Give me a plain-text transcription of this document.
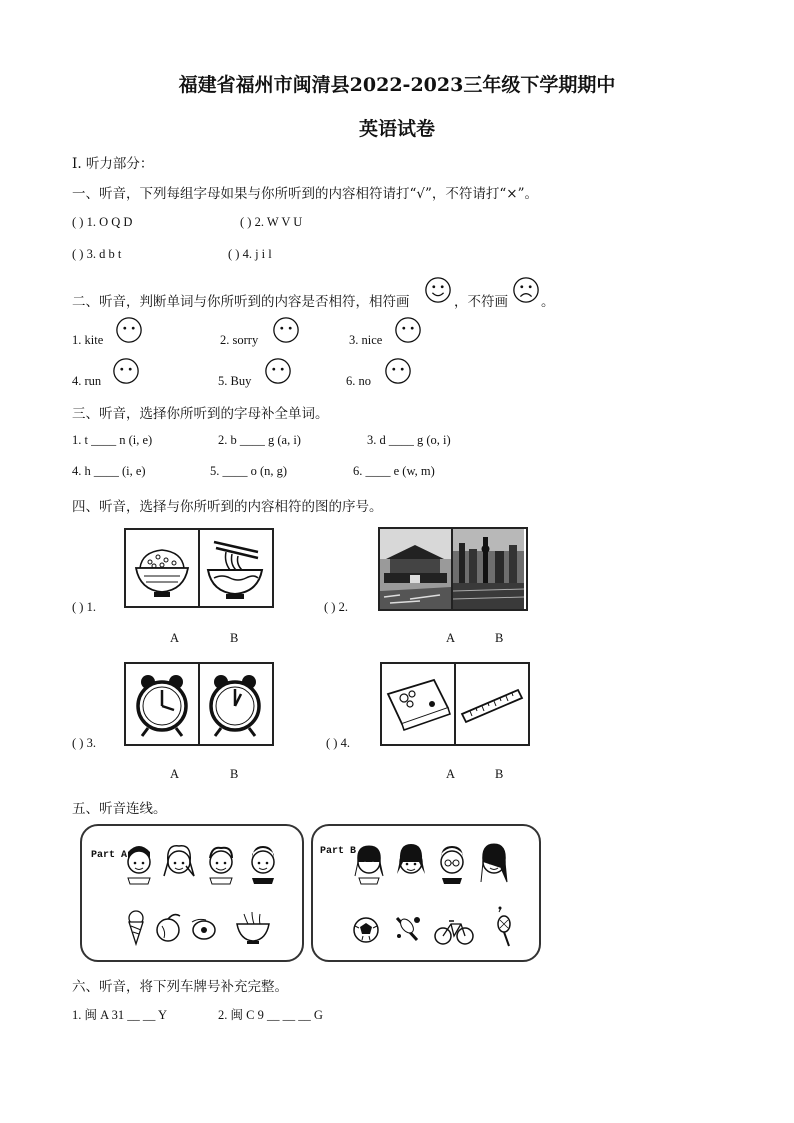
福建省福州市闽清县2022-2023三年级下学期期中
英语试卷
I. 听力部分：
一、听音，下列每组字母如果与你所听到的内容相符请打“√”，不符请打“×”。
( ) 1. O Q D	( ) 2. W V U
( ) 3. d b t	( ) 4. j i l
二、听音，判断单词与你所听到的内容是否相符，相符画	，不符画 。
1. kite	2. sorry	3. nice
4. run	5. Buy	6. no
三、听音，选择你所听到的字母补全单词。
1. t ____ n (i, e)	2. b ____ g (a, i)	3. d ____ g (o, i)
4. h ____ (i, e)	5. ____ o (n, g)	6. ____ e (w, m)
四、听音，选择与你所听到的内容相符的图的序号。
( ) 1.
A	B
( ) 2.
A	B
( ) 3.
A	B
( ) 4.
A	B
五、听音连线。
Part A	Part B
六、听音，将下列车牌号补充完整。
1. 闽 A 31 __ __ Y	2. 闽 C 9 __ __ __ G
